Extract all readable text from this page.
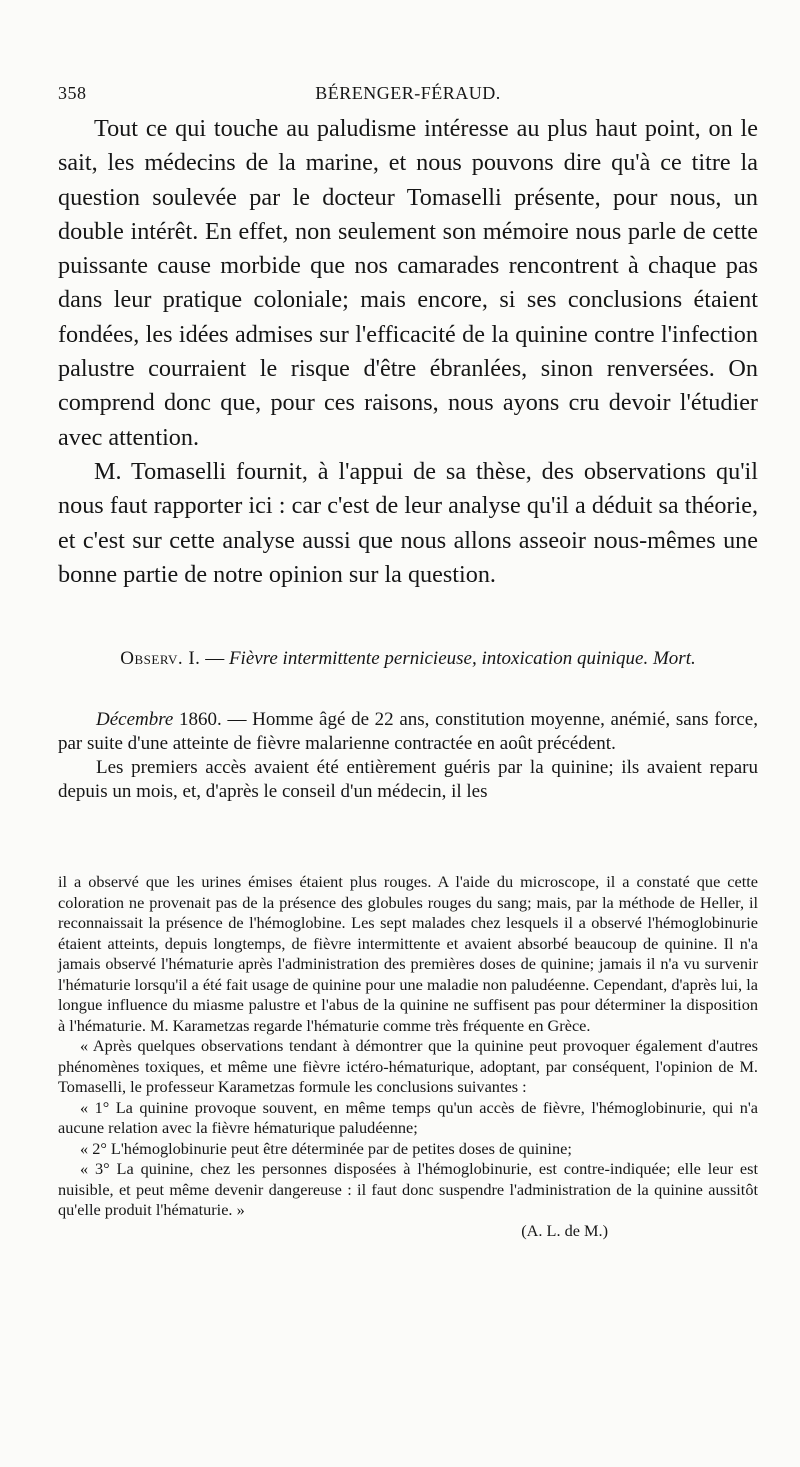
358	BÉRENGER-FÉRAUD.

Tout ce qui touche au paludisme intéresse au plus haut point, on le sait, les médecins de la marine, et nous pouvons dire qu'à ce titre la question soulevée par le docteur Tomaselli présente, pour nous, un double intérêt. En effet, non seulement son mémoire nous parle de cette puissante cause morbide que nos camarades rencontrent à chaque pas dans leur pratique coloniale; mais encore, si ses conclusions étaient fondées, les idées admises sur l'efficacité de la quinine contre l'infection palustre courraient le risque d'être ébranlées, sinon renversées. On comprend donc que, pour ces raisons, nous ayons cru devoir l'étudier avec attention.

M. Tomaselli fournit, à l'appui de sa thèse, des observations qu'il nous faut rapporter ici : car c'est de leur analyse qu'il a déduit sa théorie, et c'est sur cette analyse aussi que nous allons asseoir nous-mêmes une bonne partie de notre opinion sur la question.

Observ. I. — Fièvre intermittente pernicieuse, intoxication quinique. Mort.

Décembre 1860. — Homme âgé de 22 ans, constitution moyenne, anémié, sans force, par suite d'une atteinte de fièvre malarienne contractée en août précédent.

Les premiers accès avaient été entièrement guéris par la quinine; ils avaient reparu depuis un mois, et, d'après le conseil d'un médecin, il les

il a observé que les urines émises étaient plus rouges. A l'aide du microscope, il a constaté que cette coloration ne provenait pas de la présence des globules rouges du sang; mais, par la méthode de Heller, il reconnaissait la présence de l'hémoglobine. Les sept malades chez lesquels il a observé l'hémoglobinurie étaient atteints, depuis longtemps, de fièvre intermittente et avaient absorbé beaucoup de quinine. Il n'a jamais observé l'hématurie après l'administration des premières doses de quinine; jamais il n'a vu survenir l'hématurie lorsqu'il a été fait usage de quinine pour une maladie non paludéenne. Cependant, d'après lui, la longue influence du miasme palustre et l'abus de la quinine ne suffisent pas pour déterminer la disposition à l'hématurie. M. Karametzas regarde l'hématurie comme très fréquente en Grèce.

« Après quelques observations tendant à démontrer que la quinine peut provoquer également d'autres phénomènes toxiques, et même une fièvre ictéro-hématurique, adoptant, par conséquent, l'opinion de M. Tomaselli, le professeur Karametzas formule les conclusions suivantes :

« 1° La quinine provoque souvent, en même temps qu'un accès de fièvre, l'hémoglobinurie, qui n'a aucune relation avec la fièvre hématurique paludéenne;

« 2° L'hémoglobinurie peut être déterminée par de petites doses de quinine;

« 3° La quinine, chez les personnes disposées à l'hémoglobinurie, est contre-indiquée; elle leur est nuisible, et peut même devenir dangereuse : il faut donc suspendre l'administration de la quinine aussitôt qu'elle produit l'hématurie. »

(A. L. de M.)
